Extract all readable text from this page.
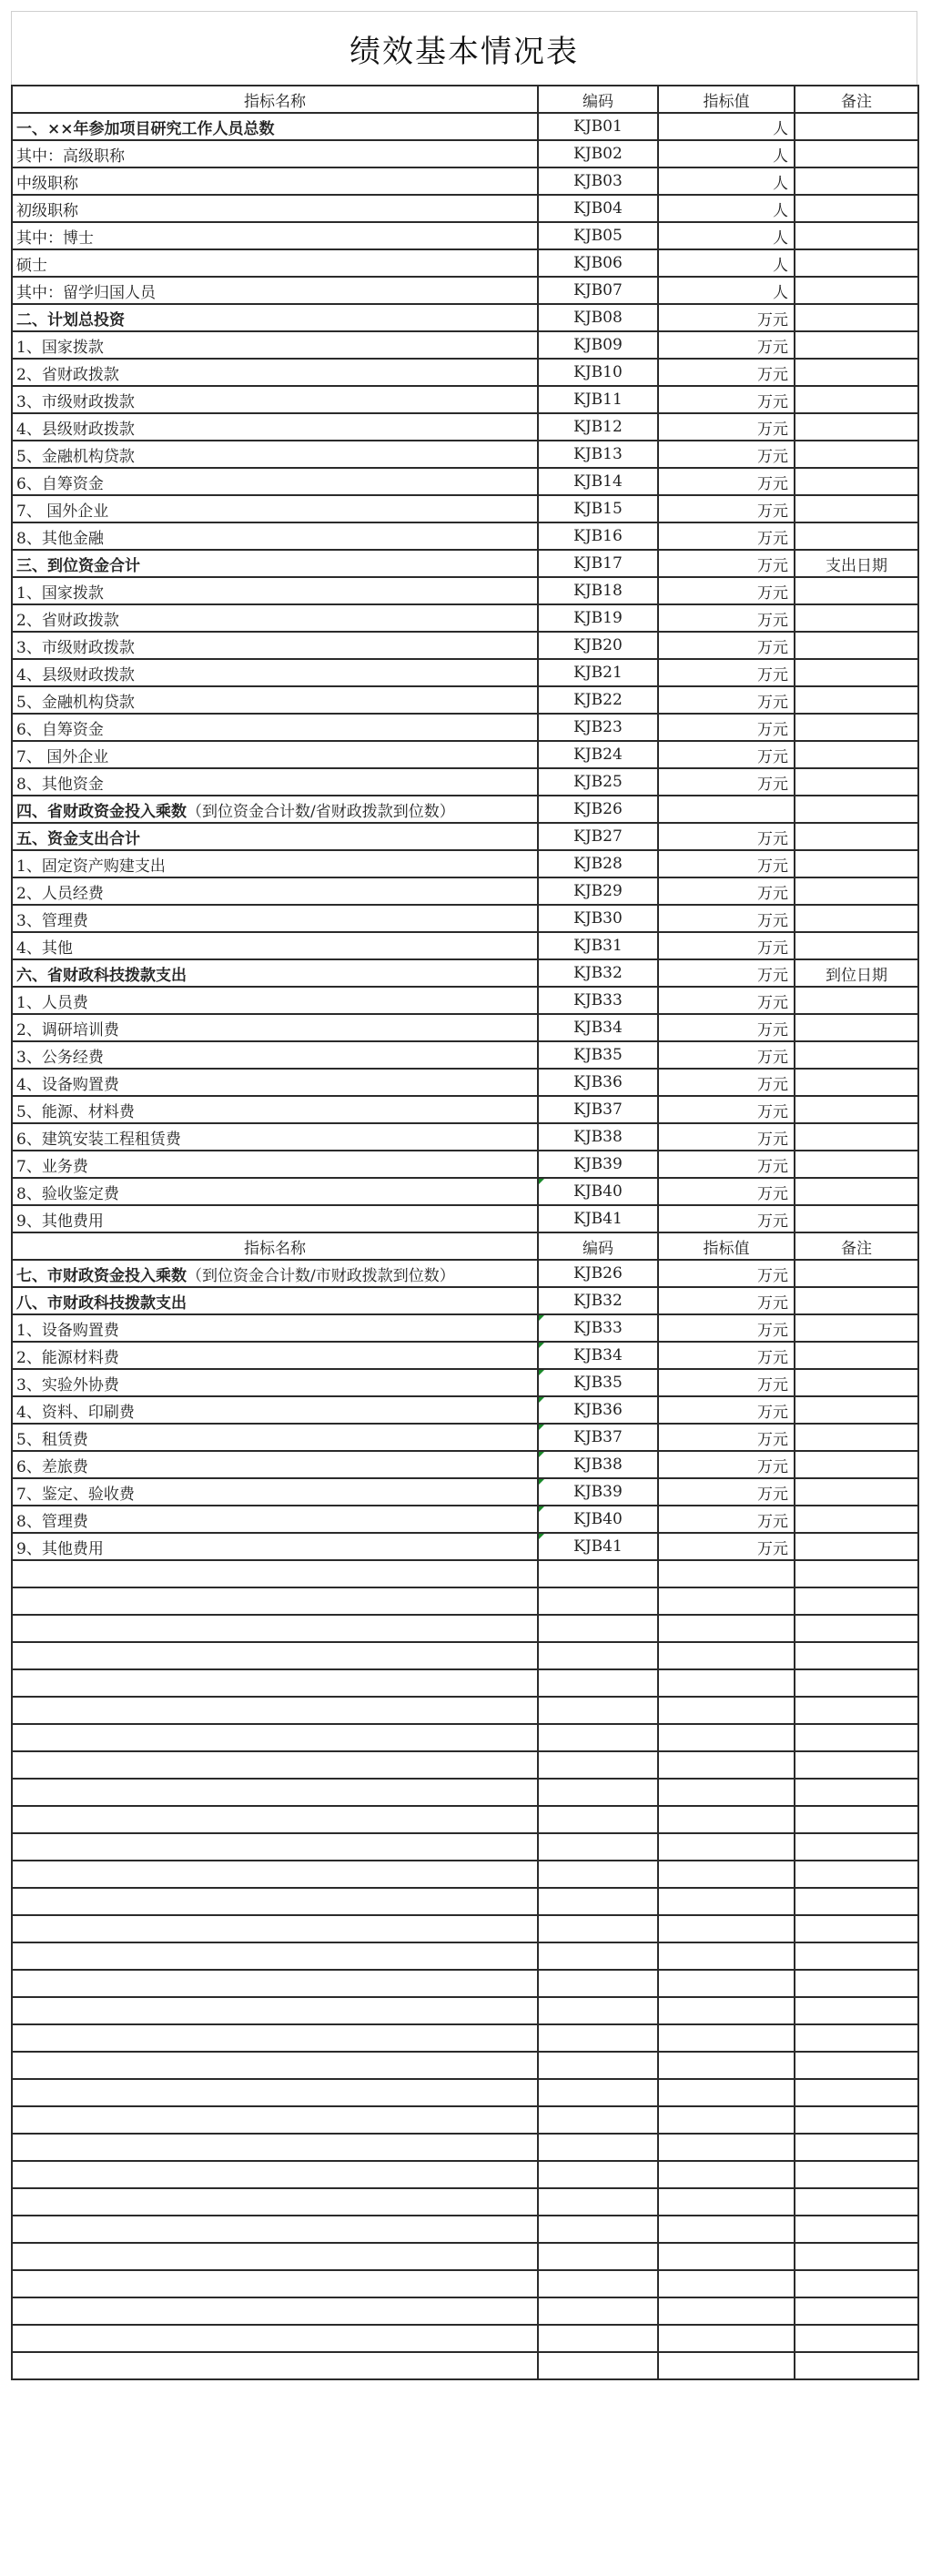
绩效基本情况表
指标名称	编码	指标值	备注
一、××年参加项目研究工作人员总数	KJB01	人	
其中：高级职称	KJB02	人	
中级职称	KJB03	人	
初级职称	KJB04	人	
其中：博士	KJB05	人	
硕士	KJB06	人	
其中：留学归国人员	KJB07	人	
二、计划总投资	KJB08	万元	
1、国家拨款	KJB09	万元	
2、省财政拨款	KJB10	万元	
3、市级财政拨款	KJB11	万元	
4、县级财政拨款	KJB12	万元	
5、金融机构贷款	KJB13	万元	
6、自筹资金	KJB14	万元	
7、 国外企业	KJB15	万元	
8、其他金融	KJB16	万元	
三、到位资金合计	KJB17	万元	支出日期
1、国家拨款	KJB18	万元	
2、省财政拨款	KJB19	万元	
3、市级财政拨款	KJB20	万元	
4、县级财政拨款	KJB21	万元	
5、金融机构贷款	KJB22	万元	
6、自筹资金	KJB23	万元	
7、 国外企业	KJB24	万元	
8、其他资金	KJB25	万元	
四、省财政资金投入乘数（到位资金合计数/省财政拨款到位数）	KJB26		
五、资金支出合计	KJB27	万元	
1、固定资产购建支出	KJB28	万元	
2、人员经费	KJB29	万元	
3、管理费	KJB30	万元	
4、其他	KJB31	万元	
六、省财政科技拨款支出	KJB32	万元	到位日期
1、人员费	KJB33	万元	
2、调研培训费	KJB34	万元	
3、公务经费	KJB35	万元	
4、设备购置费	KJB36	万元	
5、能源、材料费	KJB37	万元	
6、建筑安装工程租赁费	KJB38	万元	
7、业务费	KJB39	万元	
8、验收鉴定费	KJB40	万元	
9、其他费用	KJB41	万元	
指标名称	编码	指标值	备注
七、市财政资金投入乘数（到位资金合计数/市财政拨款到位数）	KJB26	万元	
八、市财政科技拨款支出	KJB32	万元	
1、设备购置费	KJB33	万元	
2、能源材料费	KJB34	万元	
3、实验外协费	KJB35	万元	
4、资料、印刷费	KJB36	万元	
5、租赁费	KJB37	万元	
6、差旅费	KJB38	万元	
7、鉴定、验收费	KJB39	万元	
8、管理费	KJB40	万元	
9、其他费用	KJB41	万元	
